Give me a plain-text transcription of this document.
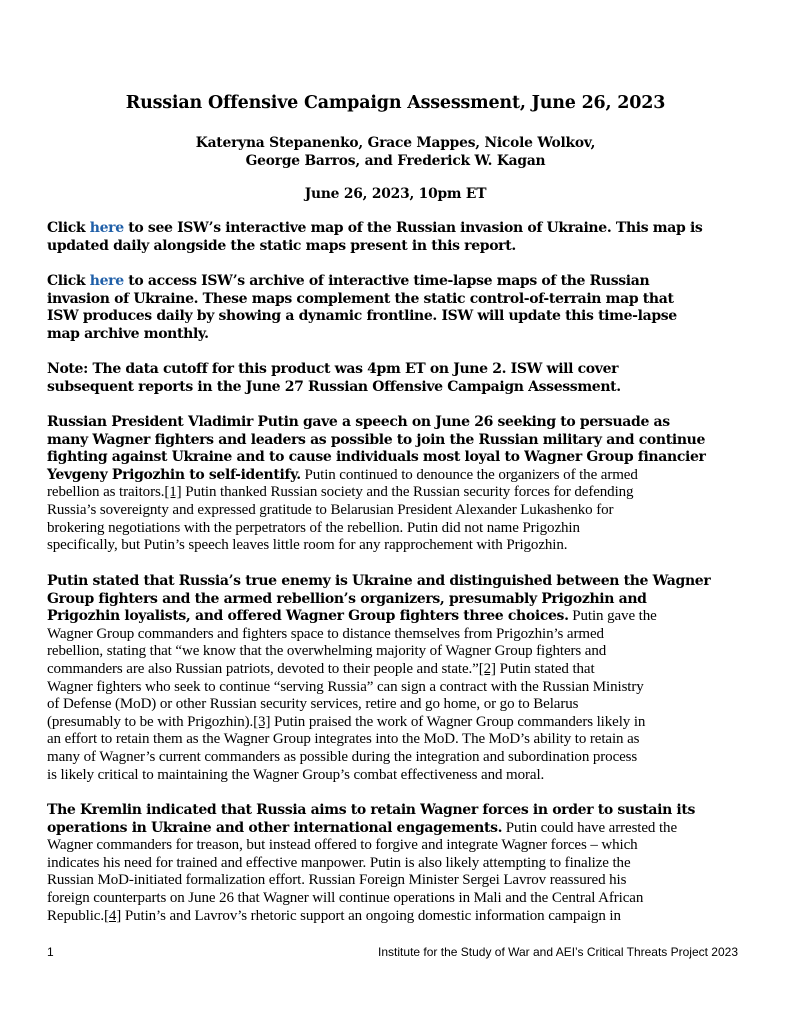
Russian Offensive Campaign Assessment, June 26, 2023
Kateryna Stepanenko, Grace Mappes, Nicole Wolkov,
George Barros, and Frederick W. Kagan
June 26, 2023, 10pm ET
Click here to see ISW’s interactive map of the Russian invasion of Ukraine. This map is
updated daily alongside the static maps present in this report.
Click here to access ISW’s archive of interactive time-lapse maps of the Russian
invasion of Ukraine. These maps complement the static control-of-terrain map that
ISW produces daily by showing a dynamic frontline. ISW will update this time-lapse
map archive monthly.
Note: The data cutoff for this product was 4pm ET on June 2. ISW will cover
subsequent reports in the June 27 Russian Offensive Campaign Assessment.
Russian President Vladimir Putin gave a speech on June 26 seeking to persuade as
many Wagner fighters and leaders as possible to join the Russian military and continue
fighting against Ukraine and to cause individuals most loyal to Wagner Group financier
Yevgeny Prigozhin to self-identify. Putin continued to denounce the organizers of the armed
rebellion as traitors.[1] Putin thanked Russian society and the Russian security forces for defending
Russia’s sovereignty and expressed gratitude to Belarusian President Alexander Lukashenko for
brokering negotiations with the perpetrators of the rebellion. Putin did not name Prigozhin
specifically, but Putin’s speech leaves little room for any rapprochement with Prigozhin.
Putin stated that Russia’s true enemy is Ukraine and distinguished between the Wagner
Group fighters and the armed rebellion’s organizers, presumably Prigozhin and
Prigozhin loyalists, and offered Wagner Group fighters three choices. Putin gave the
Wagner Group commanders and fighters space to distance themselves from Prigozhin’s armed
rebellion, stating that “we know that the overwhelming majority of Wagner Group fighters and
commanders are also Russian patriots, devoted to their people and state.”[2] Putin stated that
Wagner fighters who seek to continue “serving Russia” can sign a contract with the Russian Ministry
of Defense (MoD) or other Russian security services, retire and go home, or go to Belarus
(presumably to be with Prigozhin).[3] Putin praised the work of Wagner Group commanders likely in
an effort to retain them as the Wagner Group integrates into the MoD. The MoD’s ability to retain as
many of Wagner’s current commanders as possible during the integration and subordination process
is likely critical to maintaining the Wagner Group’s combat effectiveness and moral.
The Kremlin indicated that Russia aims to retain Wagner forces in order to sustain its
operations in Ukraine and other international engagements. Putin could have arrested the
Wagner commanders for treason, but instead offered to forgive and integrate Wagner forces – which
indicates his need for trained and effective manpower. Putin is also likely attempting to finalize the
Russian MoD-initiated formalization effort. Russian Foreign Minister Sergei Lavrov reassured his
foreign counterparts on June 26 that Wagner will continue operations in Mali and the Central African
Republic.[4] Putin’s and Lavrov’s rhetoric support an ongoing domestic information campaign in
1	Institute for the Study of War and AEI’s Critical Threats Project 2023
